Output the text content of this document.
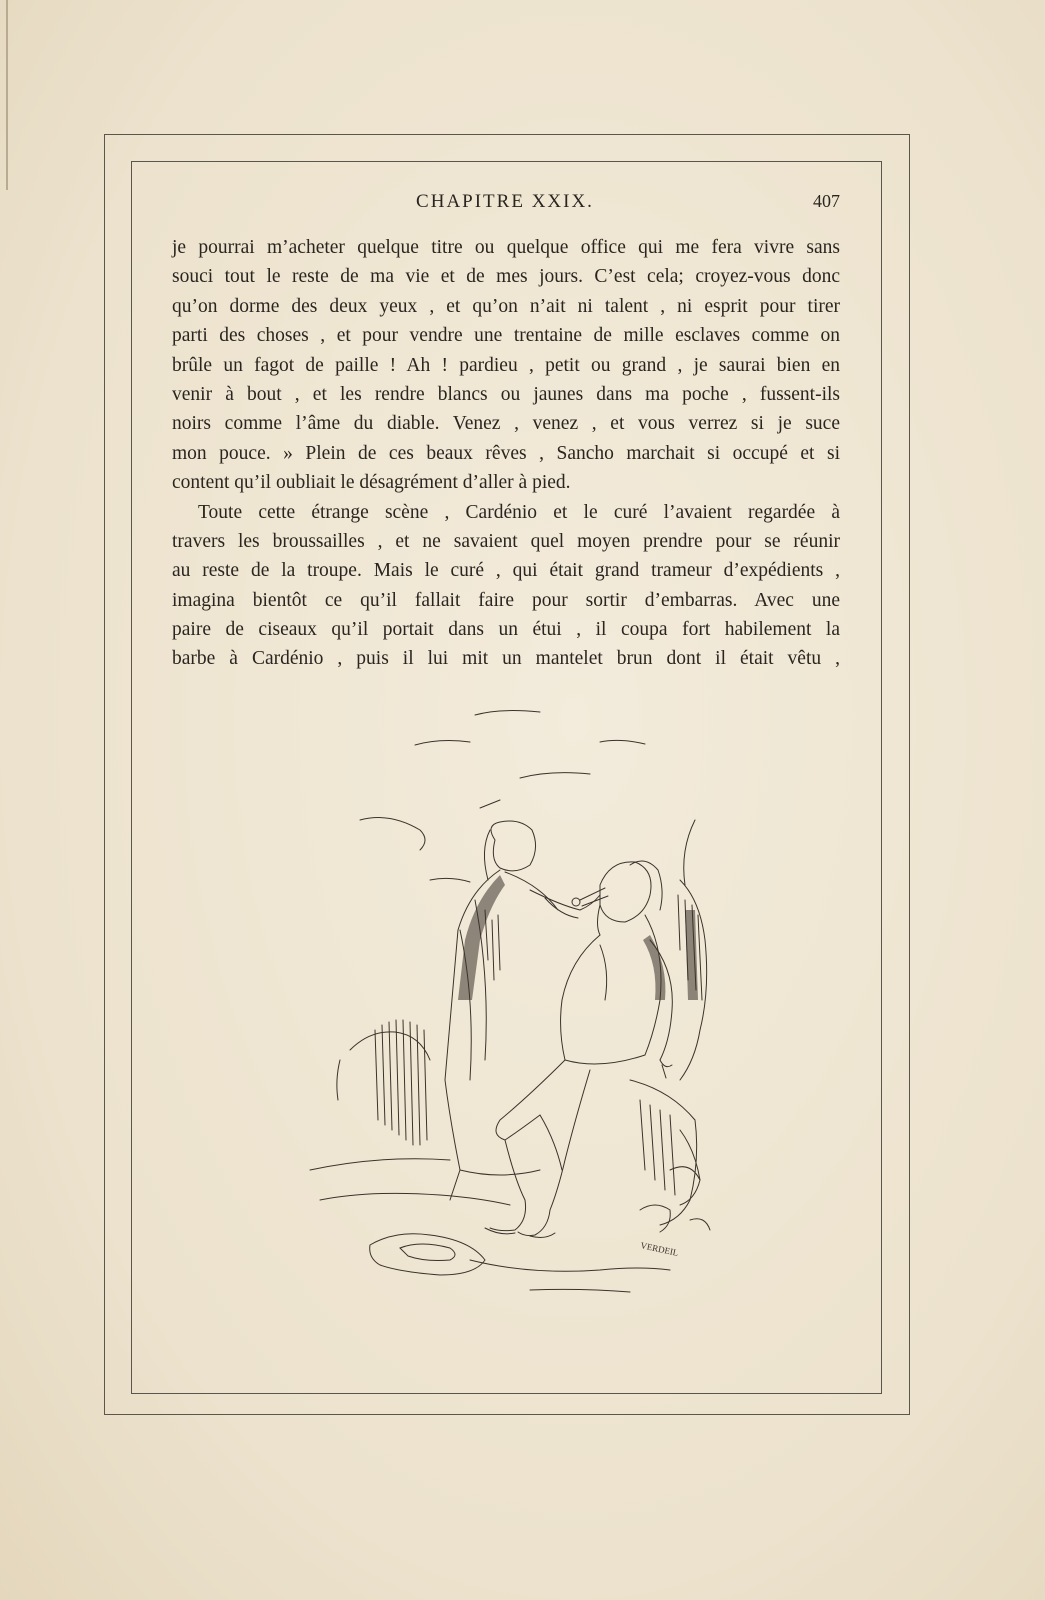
CHAPITRE XXIX.	407
je pourrai m’acheter quelque titre ou quelque office qui me fera vivre sans
souci tout le reste de ma vie et de mes jours. C’est cela; croyez-vous donc
qu’on dorme des deux yeux , et qu’on n’ait ni talent , ni esprit pour tirer
parti des choses , et pour vendre une trentaine de mille esclaves comme on
brûle un fagot de paille ! Ah ! pardieu , petit ou grand , je saurai bien en
venir à bout , et les rendre blancs ou jaunes dans ma poche , fussent-ils
noirs comme l’âme du diable. Venez , venez , et vous verrez si je suce
mon pouce. » Plein de ces beaux rêves , Sancho marchait si occupé et si
content qu’il oubliait le désagrément d’aller à pied.
Toute cette étrange scène , Cardénio et le curé l’avaient regardée à
travers les broussailles , et ne savaient quel moyen prendre pour se réunir
au reste de la troupe. Mais le curé , qui était grand trameur d’expédients ,
imagina bientôt ce qu’il fallait faire pour sortir d’embarras. Avec une
paire de ciseaux qu’il portait dans un étui , il coupa fort habilement la
barbe à Cardénio , puis il lui mit un mantelet brun dont il était vêtu ,
VERDEIL
